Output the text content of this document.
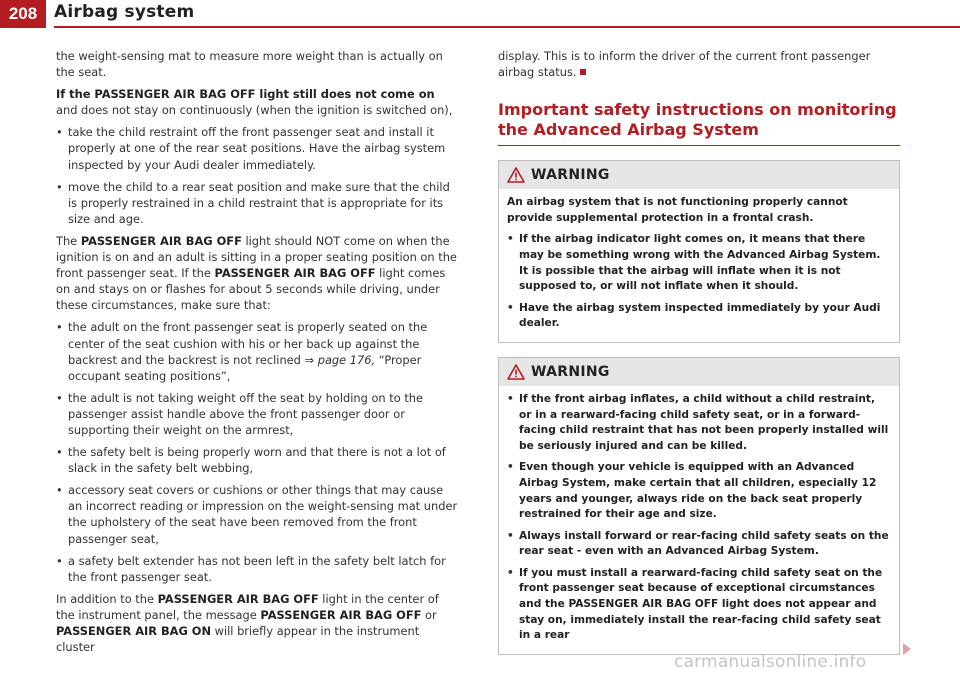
208 Airbag system

the weight-sensing mat to measure more weight than is actually on the seat.

If the PASSENGER AIR BAG OFF light still does not come on and does not stay on continuously (when the ignition is switched on),

• take the child restraint off the front passenger seat and install it properly at one of the rear seat positions. Have the airbag system inspected by your Audi dealer immediately.

• move the child to a rear seat position and make sure that the child is properly restrained in a child restraint that is appropriate for its size and age.

The PASSENGER AIR BAG OFF light should NOT come on when the ignition is on and an adult is sitting in a proper seating position on the front passenger seat. If the PASSENGER AIR BAG OFF light comes on and stays on or flashes for about 5 seconds while driving, under these circumstances, make sure that:

• the adult on the front passenger seat is properly seated on the center of the seat cushion with his or her back up against the backrest and the backrest is not reclined ⇒ page 176, “Proper occupant seating positions”,

• the adult is not taking weight off the seat by holding on to the passenger assist handle above the front passenger door or supporting their weight on the armrest,

• the safety belt is being properly worn and that there is not a lot of slack in the safety belt webbing,

• accessory seat covers or cushions or other things that may cause an incorrect reading or impression on the weight-sensing mat under the upholstery of the seat have been removed from the front passenger seat,

• a safety belt extender has not been left in the safety belt latch for the front passenger seat.

In addition to the PASSENGER AIR BAG OFF light in the center of the instrument panel, the message PASSENGER AIR BAG OFF or PASSENGER AIR BAG ON will briefly appear in the instrument cluster

display. This is to inform the driver of the current front passenger airbag status.

Important safety instructions on monitoring the Advanced Airbag System
WARNING

An airbag system that is not functioning properly cannot provide supplemental protection in a frontal crash.

• If the airbag indicator light comes on, it means that there may be something wrong with the Advanced Airbag System. It is possible that the airbag will inflate when it is not supposed to, or will not inflate when it should.

• Have the airbag system inspected immediately by your Audi dealer.

WARNING

• If the front airbag inflates, a child without a child restraint, or in a rearward-facing child safety seat, or in a forward-facing child restraint that has not been properly installed will be seriously injured and can be killed.

• Even though your vehicle is equipped with an Advanced Airbag System, make certain that all children, especially 12 years and younger, always ride on the back seat properly restrained for their age and size.

• Always install forward or rear-facing child safety seats on the rear seat - even with an Advanced Airbag System.

• If you must install a rearward-facing child safety seat on the front passenger seat because of exceptional circumstances and the PASSENGER AIR BAG OFF light does not appear and stay on, immediately install the rear-facing child safety seat in a rear

carmanualsonline.info
